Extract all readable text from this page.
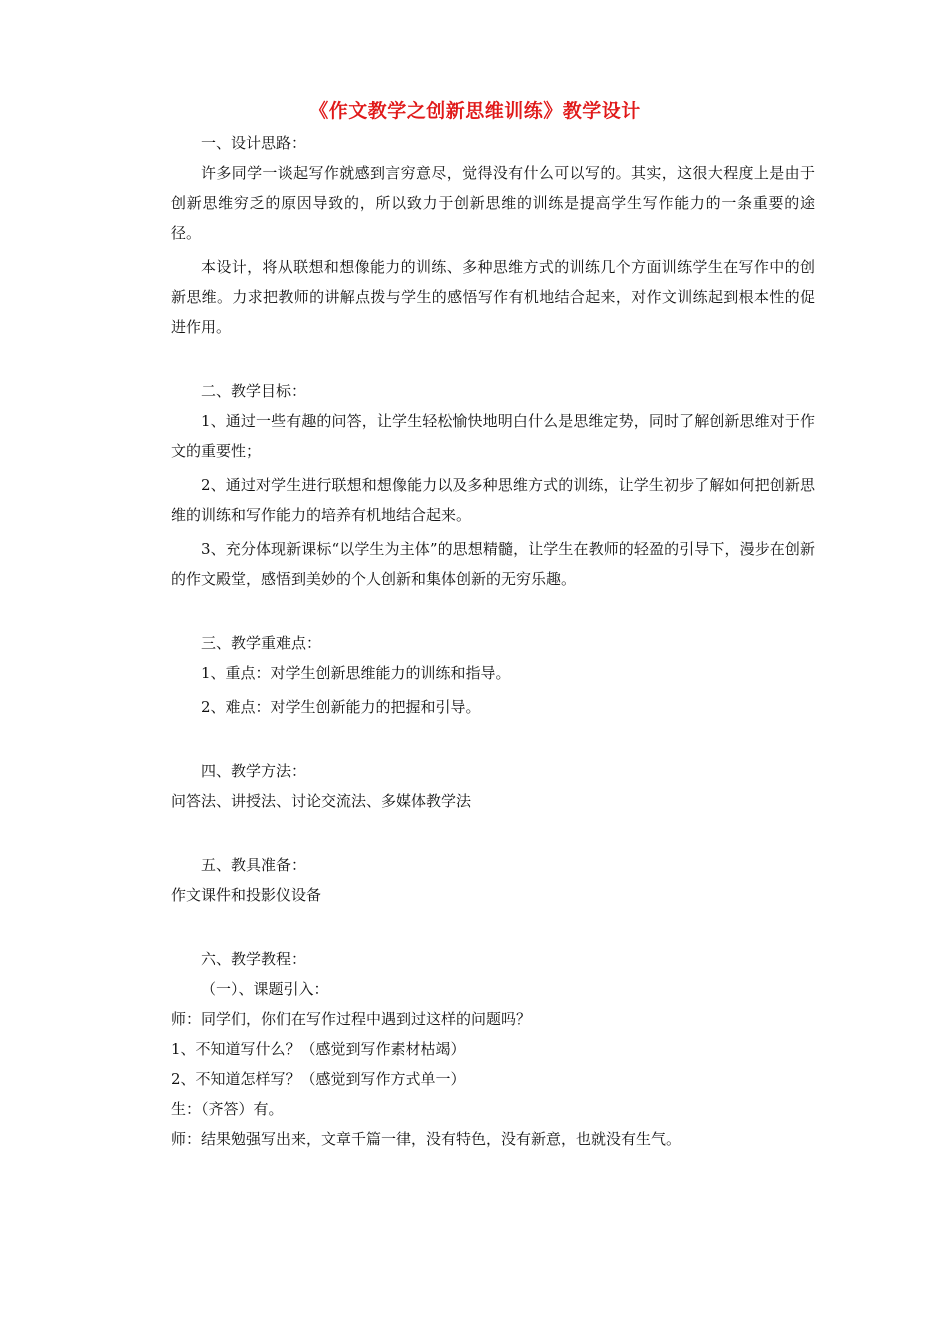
《作文教学之创新思维训练》教学设计

一、设计思路：

许多同学一谈起写作就感到言穷意尽，觉得没有什么可以写的。其实，这很大程度上是由于创新思维穷乏的原因导致的，所以致力于创新思维的训练是提高学生写作能力的一条重要的途径。

本设计，将从联想和想像能力的训练、多种思维方式的训练几个方面训练学生在写作中的创新思维。力求把教师的讲解点拨与学生的感悟写作有机地结合起来，对作文训练起到根本性的促进作用。

二、教学目标：

1、通过一些有趣的问答，让学生轻松愉快地明白什么是思维定势，同时了解创新思维对于作文的重要性；

2、通过对学生进行联想和想像能力以及多种思维方式的训练，让学生初步了解如何把创新思维的训练和写作能力的培养有机地结合起来。

3、充分体现新课标“以学生为主体”的思想精髓，让学生在教师的轻盈的引导下，漫步在创新的作文殿堂，感悟到美妙的个人创新和集体创新的无穷乐趣。

三、教学重难点：

1、重点：对学生创新思维能力的训练和指导。

2、难点：对学生创新能力的把握和引导。

四、教学方法：

问答法、讲授法、讨论交流法、多媒体教学法

五、教具准备：

作文课件和投影仪设备

六、教学教程：

（一）、课题引入：

师：同学们，你们在写作过程中遇到过这样的问题吗？

1、不知道写什么？（感觉到写作素材枯竭）

2、不知道怎样写？（感觉到写作方式单一）

生：（齐答）有。

师：结果勉强写出来，文章千篇一律，没有特色，没有新意，也就没有生气。
